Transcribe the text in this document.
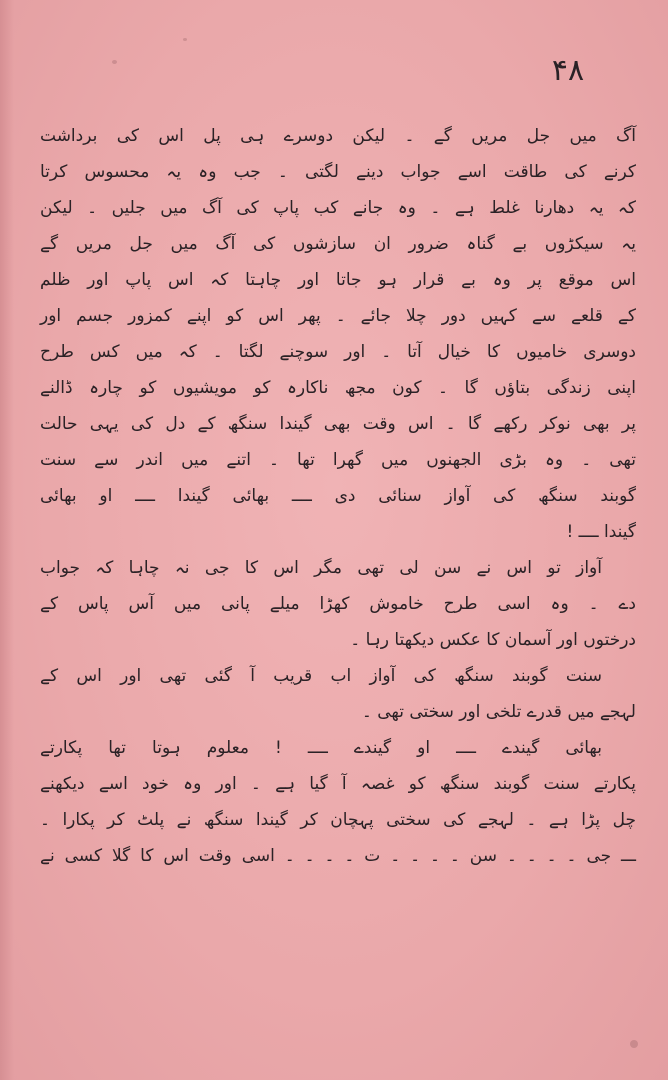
۴۸
آگ میں جل مریں گے ۔ لیکن دوسرے ہی پل اس کی برداشت
کرنے کی طاقت اسے جواب دینے لگتی ۔ جب وہ یہ محسوس کرتا
کہ یہ دھارنا غلط ہے ۔ وہ جانے کب پاپ کی آگ میں جلیں ۔ لیکن
یہ سیکڑوں بے گناہ ضرور ان سازشوں کی آگ میں جل مریں گے
اس موقع پر وہ بے قرار ہو جاتا اور چاہتا کہ اس پاپ اور ظلم
کے قلعے سے کہیں دور چلا جائے ۔ پھر اس کو اپنے کمزور جسم اور
دوسری خامیوں کا خیال آتا ۔ اور سوچنے لگتا ۔ کہ میں کس طرح
اپنی زندگی بتاؤں گا ۔ کون مجھ ناکارہ کو مویشیوں کو چارہ ڈالنے
پر بھی نوکر رکھے گا ۔ اس وقت بھی گیندا سنگھ کے دل کی یہی حالت
تھی ۔ وہ بڑی الجھنوں میں گھرا تھا ۔ اتنے میں اندر سے سنت
گوبند سنگھ کی آواز سنائی دی ــــ بھائی گیندا ــــ او بھائی
گیندا ــــ !
آواز تو اس نے سن لی تھی مگر اس کا جی نہ چاہا کہ جواب
دے ۔ وہ اسی طرح خاموش کھڑا میلے پانی میں آس پاس کے
درختوں اور آسمان کا عکس دیکھتا رہا ۔
سنت گوبند سنگھ کی آواز اب قریب آ گئی تھی اور اس کے
لہجے میں قدرے تلخی اور سختی تھی ۔
بھائی گیندے ــــ او گیندے ــــ ! معلوم ہوتا تھا پکارتے
پکارتے سنت گوبند سنگھ کو غصہ آ گیا ہے ۔ اور وہ خود اسے دیکھنے
چل پڑا ہے ۔ لہجے کی سختی پہچان کر گیندا سنگھ نے پلٹ کر پکارا ۔
ـــ جی ۔ ۔ ۔ ۔ سن ۔ ۔ ۔ ۔ ت ۔ ۔ ۔ ۔ اسی وقت اس کا گلا کسی نے
